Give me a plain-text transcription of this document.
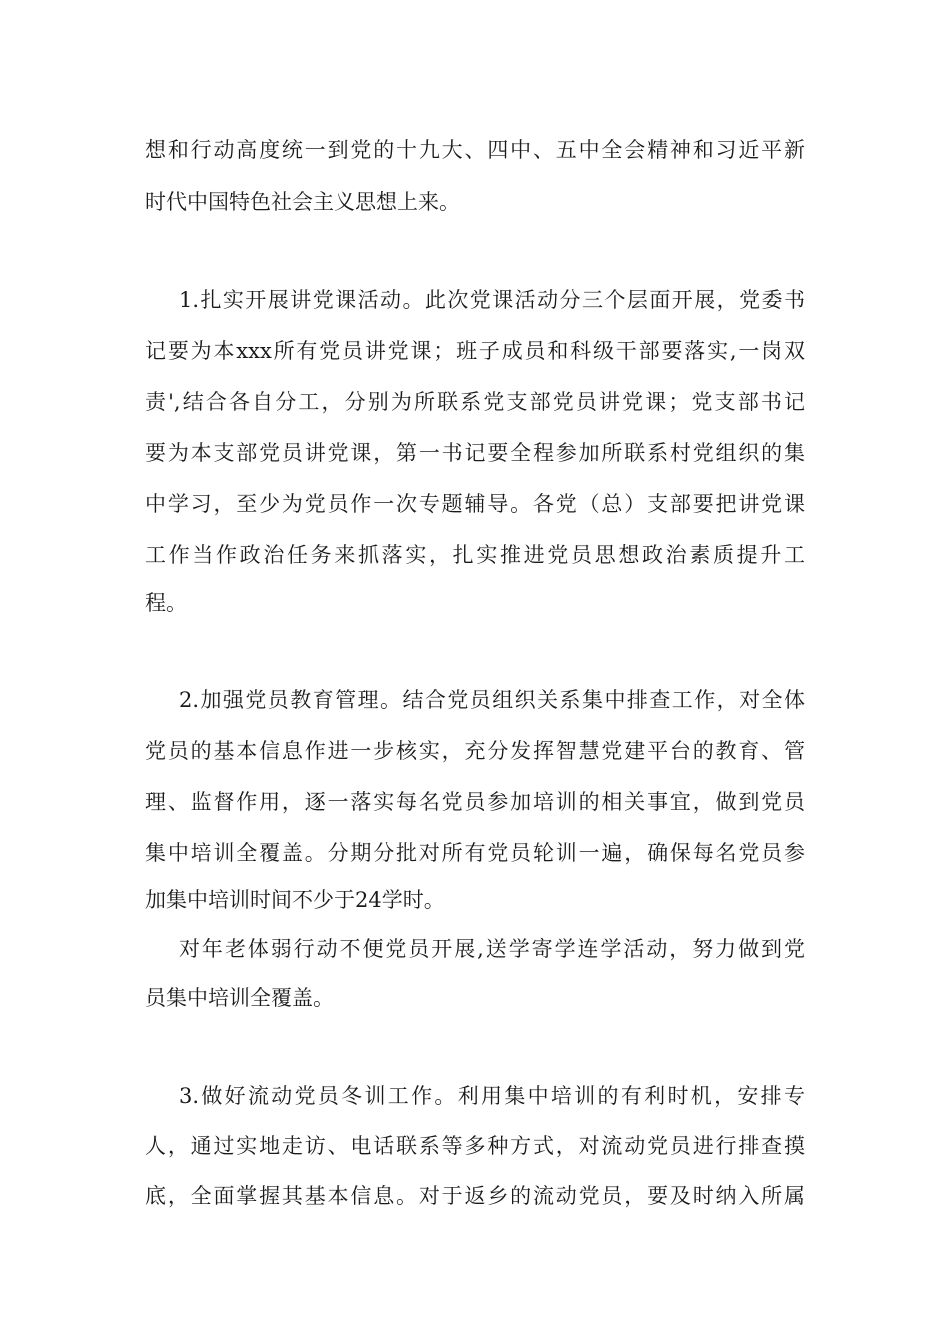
想和行动高度统一到党的十九大、四中、五中全会精神和习近平新
时代中国特色社会主义思想上来。
1.扎实开展讲党课活动。此次党课活动分三个层面开展，党委书
记要为本xxx所有党员讲党课；班子成员和科级干部要落实,一岗双
责',结合各自分工，分别为所联系党支部党员讲党课；党支部书记
要为本支部党员讲党课，第一书记要全程参加所联系村党组织的集
中学习，至少为党员作一次专题辅导。各党（总）支部要把讲党课
工作当作政治任务来抓落实，扎实推进党员思想政治素质提升工
程。
2.加强党员教育管理。结合党员组织关系集中排查工作，对全体
党员的基本信息作进一步核实，充分发挥智慧党建平台的教育、管
理、监督作用，逐一落实每名党员参加培训的相关事宜，做到党员
集中培训全覆盖。分期分批对所有党员轮训一遍，确保每名党员参
加集中培训时间不少于24学时。
对年老体弱行动不便党员开展,送学寄学连学活动，努力做到党
员集中培训全覆盖。
3.做好流动党员冬训工作。利用集中培训的有利时机，安排专
人，通过实地走访、电话联系等多种方式，对流动党员进行排查摸
底，全面掌握其基本信息。对于返乡的流动党员，要及时纳入所属
